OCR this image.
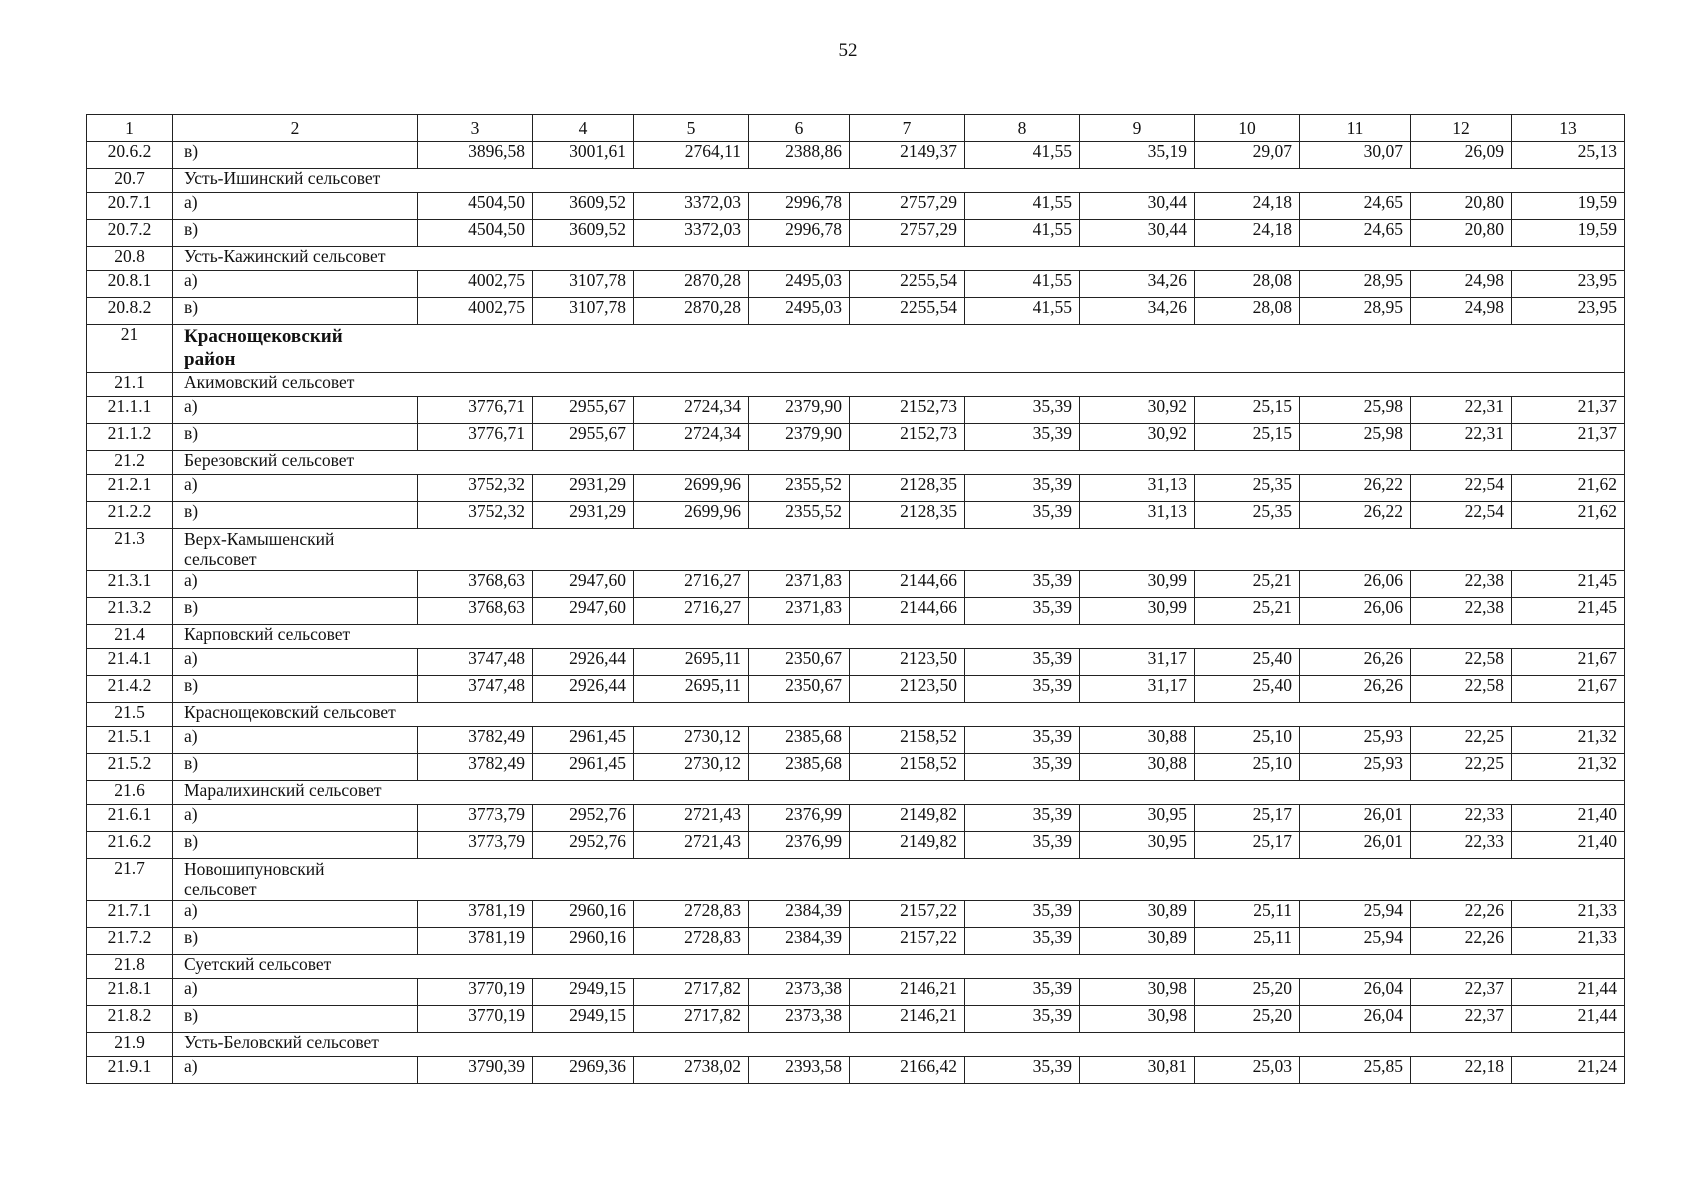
52
1	2	3	4	5	6	7	8	9	10	11	12	13
20.6.2	в)	3896,58	3001,61	2764,11	2388,86	2149,37	41,55	35,19	29,07	30,07	26,09	25,13
20.7	Усть-Ишинский сельсовет											
20.7.1	а)	4504,50	3609,52	3372,03	2996,78	2757,29	41,55	30,44	24,18	24,65	20,80	19,59
20.7.2	в)	4504,50	3609,52	3372,03	2996,78	2757,29	41,55	30,44	24,18	24,65	20,80	19,59
20.8	Усть-Кажинский сельсовет											
20.8.1	а)	4002,75	3107,78	2870,28	2495,03	2255,54	41,55	34,26	28,08	28,95	24,98	23,95
20.8.2	в)	4002,75	3107,78	2870,28	2495,03	2255,54	41,55	34,26	28,08	28,95	24,98	23,95
21	Краснощековский
район											
21.1	Акимовский сельсовет											
21.1.1	а)	3776,71	2955,67	2724,34	2379,90	2152,73	35,39	30,92	25,15	25,98	22,31	21,37
21.1.2	в)	3776,71	2955,67	2724,34	2379,90	2152,73	35,39	30,92	25,15	25,98	22,31	21,37
21.2	Березовский сельсовет											
21.2.1	а)	3752,32	2931,29	2699,96	2355,52	2128,35	35,39	31,13	25,35	26,22	22,54	21,62
21.2.2	в)	3752,32	2931,29	2699,96	2355,52	2128,35	35,39	31,13	25,35	26,22	22,54	21,62
21.3	Верх-Камышенский
сельсовет											
21.3.1	а)	3768,63	2947,60	2716,27	2371,83	2144,66	35,39	30,99	25,21	26,06	22,38	21,45
21.3.2	в)	3768,63	2947,60	2716,27	2371,83	2144,66	35,39	30,99	25,21	26,06	22,38	21,45
21.4	Карповский сельсовет											
21.4.1	а)	3747,48	2926,44	2695,11	2350,67	2123,50	35,39	31,17	25,40	26,26	22,58	21,67
21.4.2	в)	3747,48	2926,44	2695,11	2350,67	2123,50	35,39	31,17	25,40	26,26	22,58	21,67
21.5	Краснощековский сельсовет											
21.5.1	а)	3782,49	2961,45	2730,12	2385,68	2158,52	35,39	30,88	25,10	25,93	22,25	21,32
21.5.2	в)	3782,49	2961,45	2730,12	2385,68	2158,52	35,39	30,88	25,10	25,93	22,25	21,32
21.6	Маралихинский сельсовет											
21.6.1	а)	3773,79	2952,76	2721,43	2376,99	2149,82	35,39	30,95	25,17	26,01	22,33	21,40
21.6.2	в)	3773,79	2952,76	2721,43	2376,99	2149,82	35,39	30,95	25,17	26,01	22,33	21,40
21.7	Новошипуновский
сельсовет											
21.7.1	а)	3781,19	2960,16	2728,83	2384,39	2157,22	35,39	30,89	25,11	25,94	22,26	21,33
21.7.2	в)	3781,19	2960,16	2728,83	2384,39	2157,22	35,39	30,89	25,11	25,94	22,26	21,33
21.8	Суетский сельсовет											
21.8.1	а)	3770,19	2949,15	2717,82	2373,38	2146,21	35,39	30,98	25,20	26,04	22,37	21,44
21.8.2	в)	3770,19	2949,15	2717,82	2373,38	2146,21	35,39	30,98	25,20	26,04	22,37	21,44
21.9	Усть-Беловский сельсовет											
21.9.1	а)	3790,39	2969,36	2738,02	2393,58	2166,42	35,39	30,81	25,03	25,85	22,18	21,24
